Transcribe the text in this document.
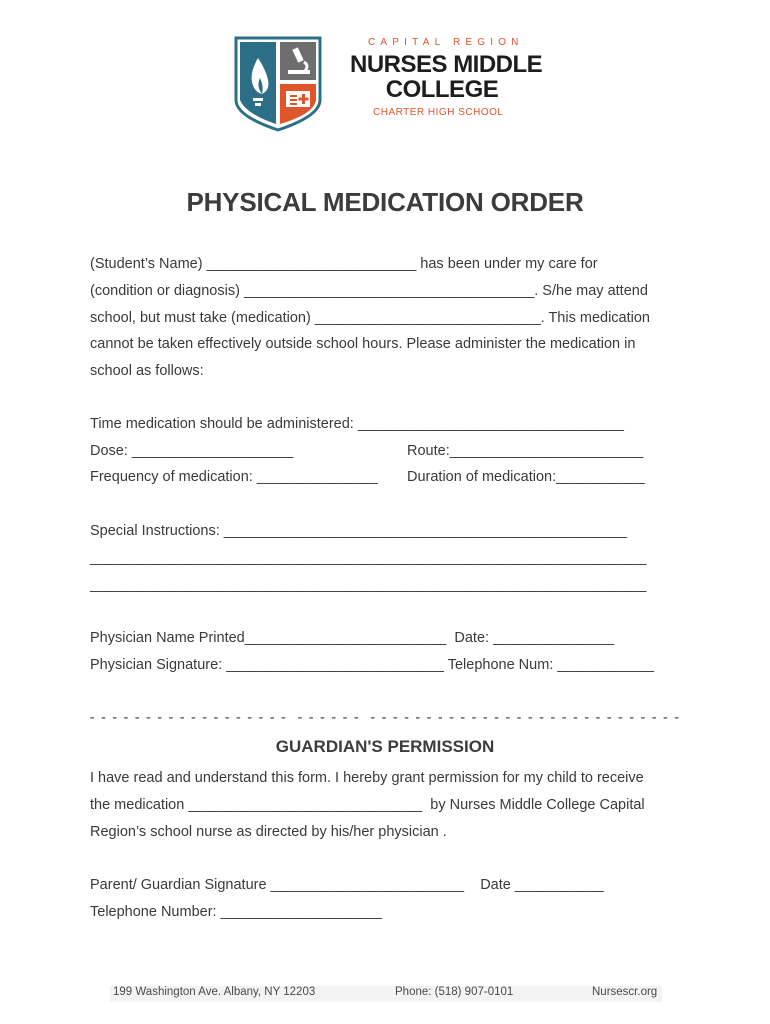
CAPITAL REGION
NURSES MIDDLE
COLLEGE
CHARTER HIGH SCHOOL
PHYSICAL MEDICATION ORDER
(Student’s Name) __________________________ has been under my care for
(condition or diagnosis) ____________________________________. S/he may attend
school, but must take (medication) ____________________________. This medication
cannot be taken effectively outside school hours. Please administer the medication in
school as follows:
Time medication should be administered: _________________________________
Dose: ____________________	Route:________________________
Frequency of medication: _______________ Duration of medication:___________
Special Instructions: __________________________________________________
_____________________________________________________________________
_____________________________________________________________________
Physician Name Printed_________________________  Date: _______________
Physician Signature: ___________________________ Telephone Num: ____________
- - - - - - - - - - - - - - - - - -  - - - - - -  - - - - - - - - - - - - - - - - - - - - - - - - - - - -
GUARDIAN'S PERMISSION
I have read and understand this form. I hereby grant permission for my child to receive
the medication _____________________________  by Nurses Middle College Capital
Region’s school nurse as directed by his/her physician .
Parent/ Guardian Signature ________________________    Date ___________
Telephone Number: ____________________
199 Washington Ave. Albany, NY 12203	Phone: (518) 907-0101	Nursescr.org
